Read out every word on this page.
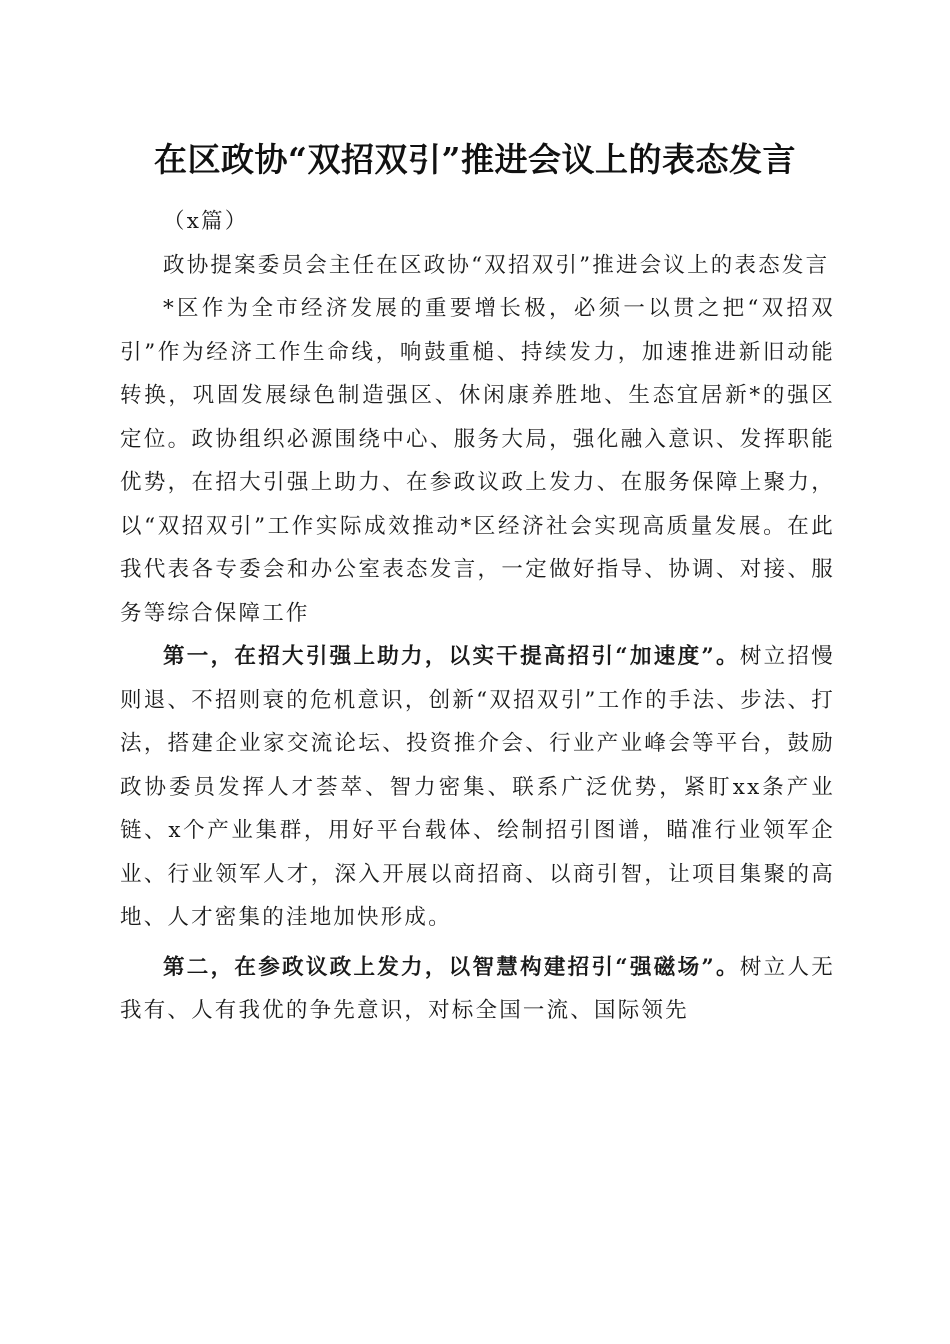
在区政协“双招双引”推进会议上的表态发言

（x篇）

政协提案委员会主任在区政协“双招双引”推进会议上的表态发言

*区作为全市经济发展的重要增长极，必须一以贯之把“双招双引”作为经济工作生命线，响鼓重槌、持续发力，加速推进新旧动能转换，巩固发展绿色制造强区、休闲康养胜地、生态宜居新*的强区定位。政协组织必源围绕中心、服务大局，强化融入意识、发挥职能优势，在招大引强上助力、在参政议政上发力、在服务保障上聚力，以“双招双引”工作实际成效推动*区经济社会实现高质量发展。在此我代表各专委会和办公室表态发言，一定做好指导、协调、对接、服务等综合保障工作

第一，在招大引强上助力，以实干提高招引“加速度”。树立招慢则退、不招则衰的危机意识，创新“双招双引”工作的手法、步法、打法，搭建企业家交流论坛、投资推介会、行业产业峰会等平台，鼓励政协委员发挥人才荟萃、智力密集、联系广泛优势，紧盯xx条产业链、x个产业集群，用好平台载体、绘制招引图谱，瞄准行业领军企业、行业领军人才，深入开展以商招商、以商引智，让项目集聚的高地、人才密集的洼地加快形成。

第二，在参政议政上发力，以智慧构建招引“强磁场”。树立人无我有、人有我优的争先意识，对标全国一流、国际领先
